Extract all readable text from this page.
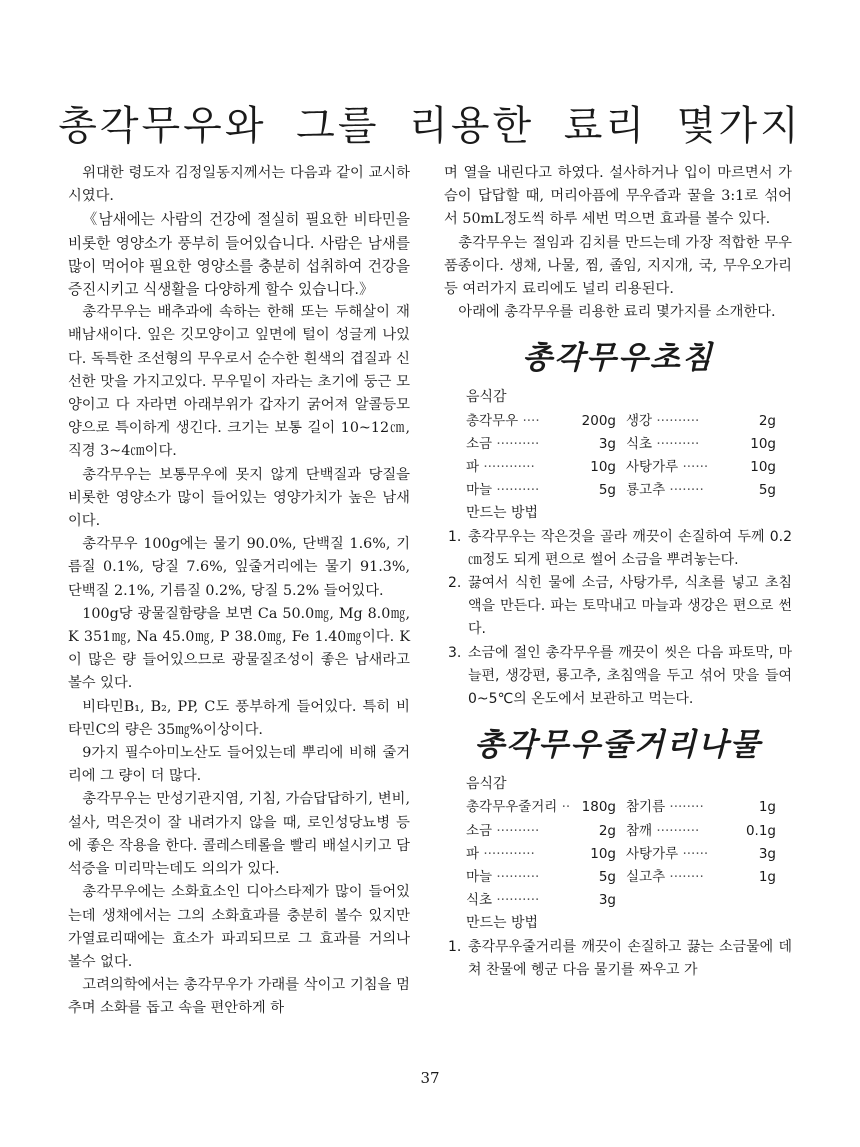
총각무우와 그를 리용한 료리 몇가지

위대한 령도자 김정일동지께서는 다음과 같이 교시하시였다.

《남새에는 사람의 건강에 절실히 필요한 비타민을 비롯한 영양소가 풍부히 들어있습니다. 사람은 남새를 많이 먹어야 필요한 영양소를 충분히 섭취하여 건강을 증진시키고 식생활을 다양하게 할수 있습니다.》

총각무우는 배추과에 속하는 한해 또는 두해살이 재배남새이다. 잎은 깃모양이고 잎면에 털이 성글게 나있다. 독특한 조선형의 무우로서 순수한 흰색의 겹질과 신선한 맛을 가지고있다. 무우밑이 자라는 초기에 둥근 모양이고 다 자라면 아래부위가 갑자기 굵어져 알콜등모양으로 특이하게 생긴다. 크기는 보통 길이 10~12㎝, 직경 3~4㎝이다.

총각무우는 보통무우에 못지 않게 단백질과 당질을 비롯한 영양소가 많이 들어있는 영양가치가 높은 남새이다.

총각무우 100g에는 물기 90.0%, 단백질 1.6%, 기름질 0.1%, 당질 7.6%, 잎줄거리에는 물기 91.3%, 단백질 2.1%, 기름질 0.2%, 당질 5.2% 들어있다.

100g당 광물질함량을 보면 Ca 50.0㎎, Mg 8.0㎎, K 351㎎, Na 45.0㎎, P 38.0㎎, Fe 1.40㎎이다. K이 많은 량 들어있으므로 광물질조성이 좋은 남새라고 볼수 있다.

비타민B₁, B₂, PP, C도 풍부하게 들어있다. 특히 비타민C의 량은 35㎎%이상이다.

9가지 필수아미노산도 들어있는데 뿌리에 비해 줄거리에 그 량이 더 많다.

총각무우는 만성기관지염, 기침, 가슴답답하기, 변비, 설사, 먹은것이 잘 내려가지 않을 때, 로인성당뇨병 등에 좋은 작용을 한다. 콜레스테롤을 빨리 배설시키고 담석증을 미리막는데도 의의가 있다.

총각무우에는 소화효소인 디아스타제가 많이 들어있는데 생채에서는 그의 소화효과를 충분히 볼수 있지만 가열료리때에는 효소가 파괴되므로 그 효과를 거의나 볼수 없다.

고려의학에서는 총각무우가 가래를 삭이고 기침을 멈추며 소화를 돕고 속을 편안하게 하

며 열을 내린다고 하였다. 설사하거나 입이 마르면서 가슴이 답답할 때, 머리아픔에 무우즙과 꿀을 3:1로 섞어서 50mL정도씩 하루 세번 먹으면 효과를 볼수 있다.

총각무우는 절임과 김치를 만드는데 가장 적합한 무우품종이다. 생채, 나물, 찜, 졸임, 지지개, 국, 무우오가리 등 여러가지 료리에도 널리 리용된다.

아래에 총각무우를 리용한 료리 몇가지를 소개한다.

총각무우초침
음식감
총각무우 ···· 200g	생강 ·········· 2g

소금 ·········· 3g	식초 ·········· 10g

파 ············ 10g	사탕가루 ······ 10g

마늘 ·········· 5g	룡고추 ········ 5g
만드는 방법
1. 총각무우는 작은것을 골라 깨끗이 손질하여 두께 0.2㎝정도 되게 편으로 썰어 소금을 뿌려놓는다.
2. 끓여서 식힌 물에 소금, 사탕가루, 식초를 넣고 초침액을 만든다. 파는 토막내고 마늘과 생강은 편으로 썬다.
3. 소금에 절인 총각무우를 깨끗이 씻은 다음 파토막, 마늘편, 생강편, 룡고추, 초침액을 두고 섞어 맛을 들여 0~5℃의 온도에서 보관하고 먹는다.
총각무우줄거리나물
음식감
총각무우줄거리 ·· 180g	참기름 ········ 1g

소금 ·········· 2g	참깨 ·········· 0.1g

파 ············ 10g	사탕가루 ······ 3g

마늘 ·········· 5g	실고추 ········ 1g

식초 ·········· 3g	

만드는 방법
1. 총각무우줄거리를 깨끗이 손질하고 끓는 소금물에 데쳐 찬물에 헹군 다음 물기를 짜우고 가
37
